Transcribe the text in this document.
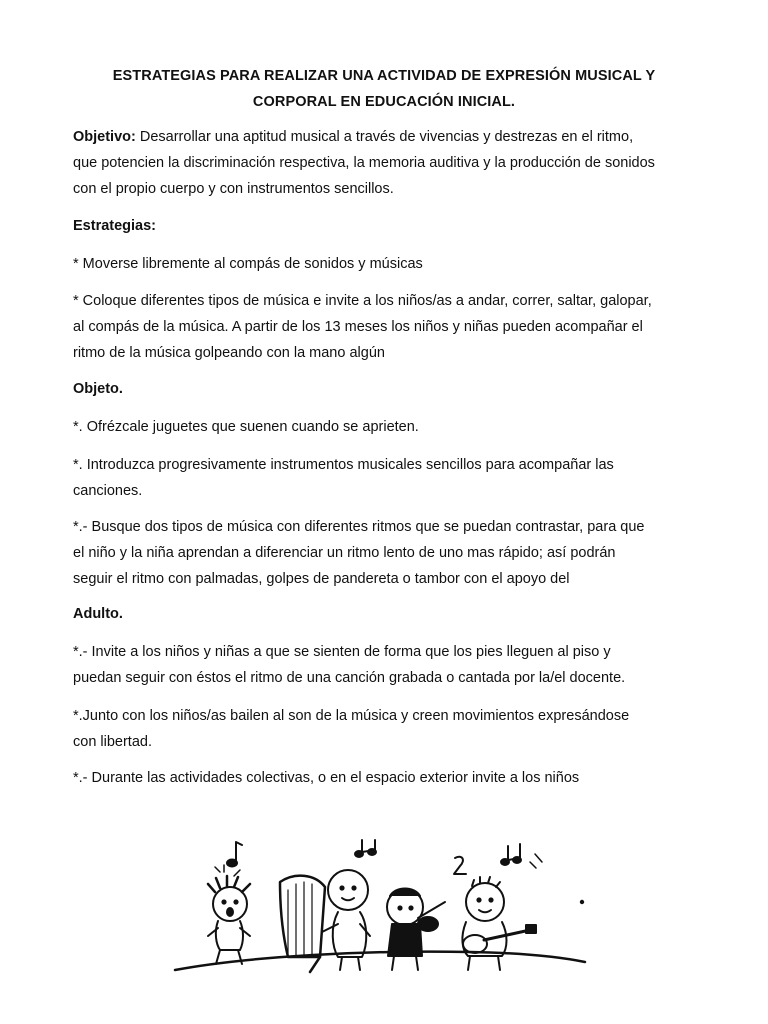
ESTRATEGIAS PARA REALIZAR UNA ACTIVIDAD DE EXPRESIÓN MUSICAL Y
CORPORAL EN EDUCACIÓN INICIAL.
Objetivo: Desarrollar una aptitud musical a través de vivencias y destrezas en el ritmo,
que potencien la discriminación respectiva, la memoria auditiva y la producción de sonidos
con el propio cuerpo y con instrumentos sencillos.
Estrategias:
* Moverse libremente al compás de sonidos y músicas
* Coloque diferentes tipos de música e invite a los niños/as a andar, correr, saltar, galopar,
al compás de la música. A partir de los 13 meses los niños y niñas pueden acompañar el
ritmo de la música golpeando con la mano algún
Objeto.
*. Ofrézcale juguetes que suenen cuando se aprieten.
*. Introduzca progresivamente instrumentos musicales sencillos para acompañar las
canciones.
*.- Busque dos tipos de música con diferentes ritmos que se puedan contrastar, para que
el niño y la niña aprendan a diferenciar un ritmo lento de uno mas rápido; así podrán
seguir el ritmo con palmadas, golpes de pandereta o tambor con el apoyo del
Adulto.
*.- Invite a los niños y niñas a que se sienten de forma que los pies lleguen al piso y
puedan seguir con éstos el ritmo de una canción grabada o cantada por la/el docente.
*.Junto con los niños/as bailen al son de la música y creen movimientos expresándose
con libertad.
*.- Durante las actividades colectivas, o en el espacio exterior invite a los niños
